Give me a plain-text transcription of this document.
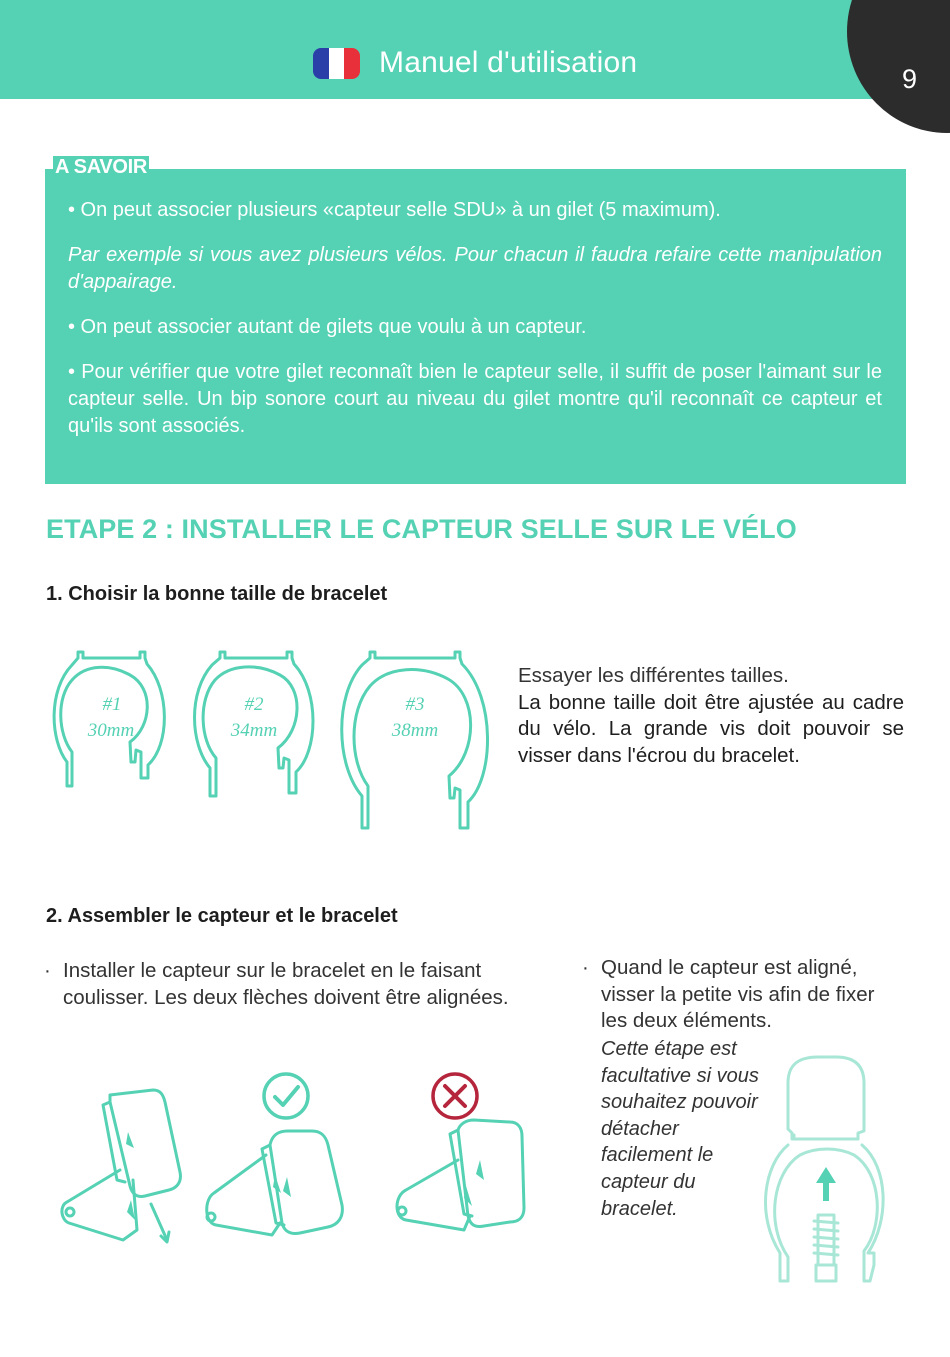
Manuel d'utilisation	9
A SAVOIR
• On peut associer plusieurs «capteur selle SDU» à un gilet (5 maximum).
Par exemple si vous avez plusieurs vélos. Pour chacun il faudra refaire cette manipulation d'appairage.
• On peut associer autant de gilets que voulu à un capteur.
• Pour vérifier que votre gilet reconnaît bien le capteur selle, il suffit de poser l'aimant sur le capteur selle. Un bip sonore court au niveau du gilet montre qu'il reconnaît ce capteur et qu'ils sont associés.
ETAPE 2 : INSTALLER LE CAPTEUR SELLE SUR LE VÉLO
1. Choisir la bonne taille de bracelet
#1
30mm
#2
34mm
#3
38mm
Essayer les différentes tailles.
La bonne taille doit être ajustée au cadre du vélo. La grande vis doit pouvoir se visser dans l'écrou du bracelet.
2. Assembler le capteur et le bracelet
· Installer le capteur sur le bracelet en le faisant coulisser. Les deux flèches doivent être alignées.
· Quand le capteur est aligné, visser la petite vis afin de fixer les deux éléments.
Cette étape est facultative si vous souhaitez pouvoir détacher facilement le capteur du bracelet.
